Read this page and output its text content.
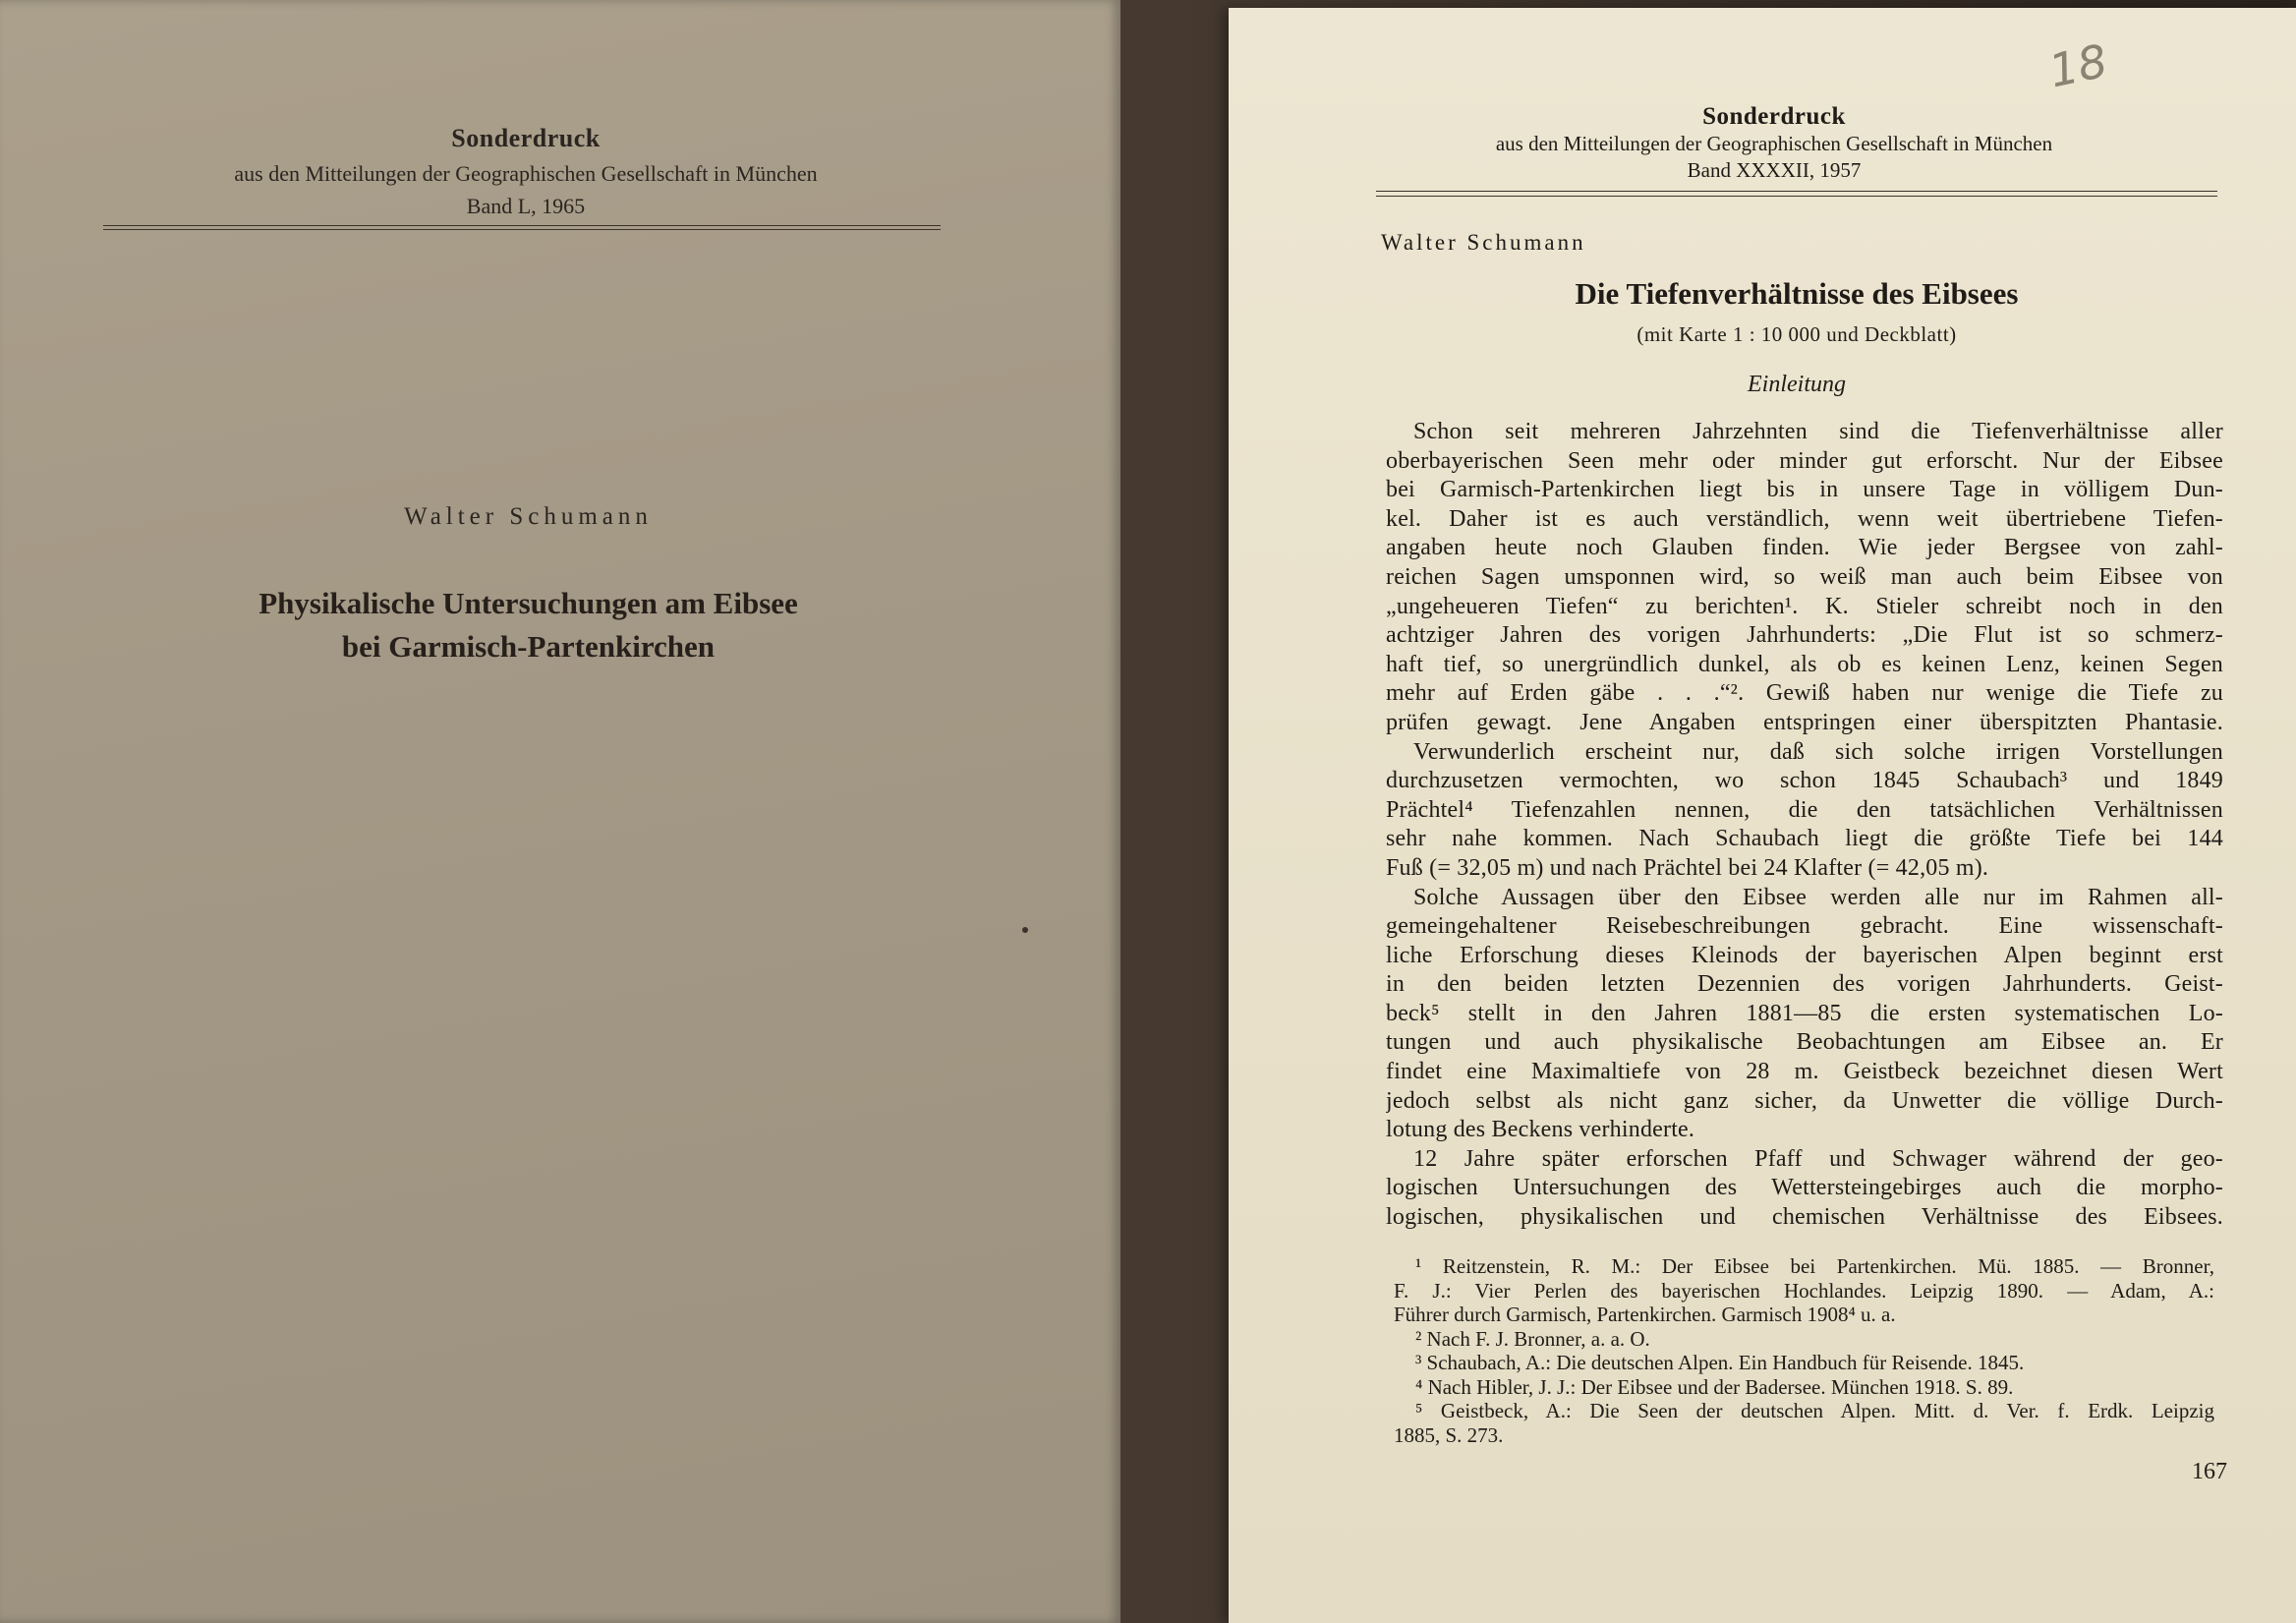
Sonderdruck
aus den Mitteilungen der Geographischen Gesellschaft in München
Band L, 1965
Walter Schumann
Physikalische Untersuchungen am Eibsee
bei Garmisch-Partenkirchen
18
Sonderdruck
aus den Mitteilungen der Geographischen Gesellschaft in München
Band XXXXII, 1957
Walter Schumann
Die Tiefenverhältnisse des Eibsees
(mit Karte 1 : 10 000 und Deckblatt)
Einleitung
Schon seit mehreren Jahrzehnten sind die Tiefenverhältnisse aller
oberbayerischen Seen mehr oder minder gut erforscht. Nur der Eibsee
bei Garmisch-Partenkirchen liegt bis in unsere Tage in völligem Dun-
kel. Daher ist es auch verständlich, wenn weit übertriebene Tiefen-
angaben heute noch Glauben finden. Wie jeder Bergsee von zahl-
reichen Sagen umsponnen wird, so weiß man auch beim Eibsee von
„ungeheueren Tiefen“ zu berichten¹. K. Stieler schreibt noch in den
achtziger Jahren des vorigen Jahrhunderts: „Die Flut ist so schmerz-
haft tief, so unergründlich dunkel, als ob es keinen Lenz, keinen Segen
mehr auf Erden gäbe . . .“². Gewiß haben nur wenige die Tiefe zu
prüfen gewagt. Jene Angaben entspringen einer überspitzten Phantasie.
Verwunderlich erscheint nur, daß sich solche irrigen Vorstellungen
durchzusetzen vermochten, wo schon 1845 Schaubach³ und 1849
Prächtel⁴ Tiefenzahlen nennen, die den tatsächlichen Verhältnissen
sehr nahe kommen. Nach Schaubach liegt die größte Tiefe bei 144
Fuß (= 32,05 m) und nach Prächtel bei 24 Klafter (= 42,05 m).
Solche Aussagen über den Eibsee werden alle nur im Rahmen all-
gemeingehaltener Reisebeschreibungen gebracht. Eine wissenschaft-
liche Erforschung dieses Kleinods der bayerischen Alpen beginnt erst
in den beiden letzten Dezennien des vorigen Jahrhunderts. Geist-
beck⁵ stellt in den Jahren 1881—85 die ersten systematischen Lo-
tungen und auch physikalische Beobachtungen am Eibsee an. Er
findet eine Maximaltiefe von 28 m. Geistbeck bezeichnet diesen Wert
jedoch selbst als nicht ganz sicher, da Unwetter die völlige Durch-
lotung des Beckens verhinderte.
12 Jahre später erforschen Pfaff und Schwager während der geo-
logischen Untersuchungen des Wettersteingebirges auch die morpho-
logischen, physikalischen und chemischen Verhältnisse des Eibsees.
¹ Reitzenstein, R. M.: Der Eibsee bei Partenkirchen. Mü. 1885. — Bronner,
F. J.: Vier Perlen des bayerischen Hochlandes. Leipzig 1890. — Adam, A.:
Führer durch Garmisch, Partenkirchen. Garmisch 1908⁴ u. a.
² Nach F. J. Bronner, a. a. O.
³ Schaubach, A.: Die deutschen Alpen. Ein Handbuch für Reisende. 1845.
⁴ Nach Hibler, J. J.: Der Eibsee und der Badersee. München 1918. S. 89.
⁵ Geistbeck, A.: Die Seen der deutschen Alpen. Mitt. d. Ver. f. Erdk. Leipzig
1885, S. 273.
167
